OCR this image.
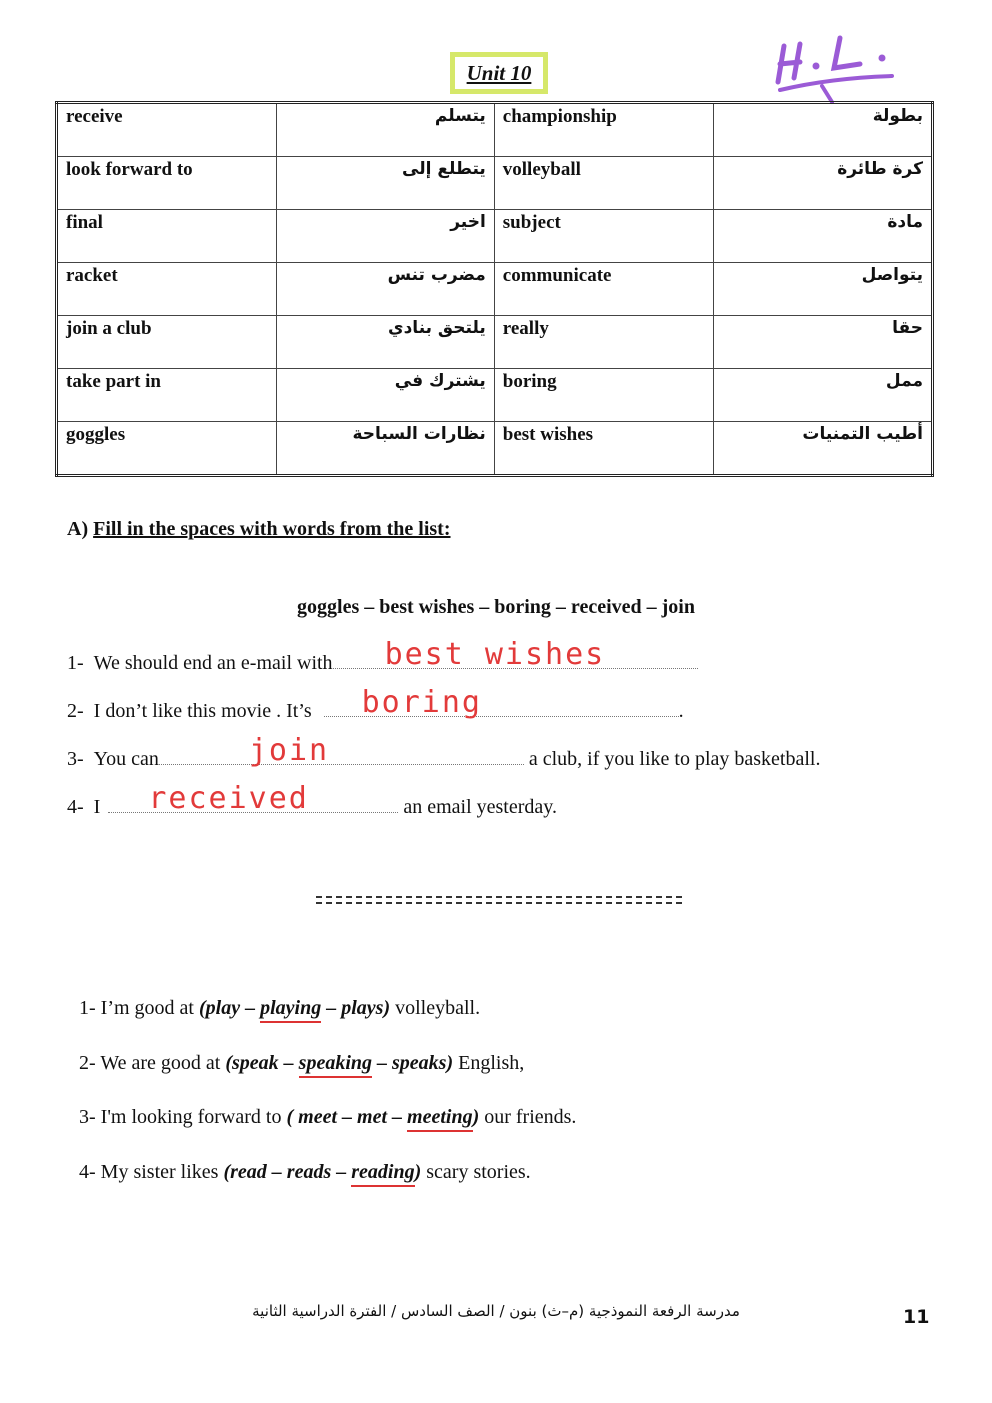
Unit 10
receive	يتسلم	championship	بطولة
look forward to	يتطلع إلى	volleyball	كرة طائرة
final	اخير	subject	مادة
racket	مضرب تنس	communicate	يتواصل
join a club	يلتحق بنادي	really	حقا
take part in	يشترك في	boring	ممل
goggles	نظارات السباحة	best wishes	أطيب التمنيات
A) Fill in the spaces with words from the list:
goggles – best wishes – boring – received – join
1-
We should end an e-mail with best wishes
2-
I don’t like this movie . It’s boring	.
3-
You can	join
	a club, if you like to play basketball.
4-
I received
	an email yesterday.
1- I’m good at (play – playing – plays) volleyball.
2- We are good at (speak – speaking – speaks) English,
3- I'm looking forward to ( meet – met – meeting) our friends.
4- My sister likes (read – reads – reading) scary stories.
مدرسة الرفعة النموذجية (م–ث) بنون / الصف السادس / الفترة الدراسية الثانية	11
